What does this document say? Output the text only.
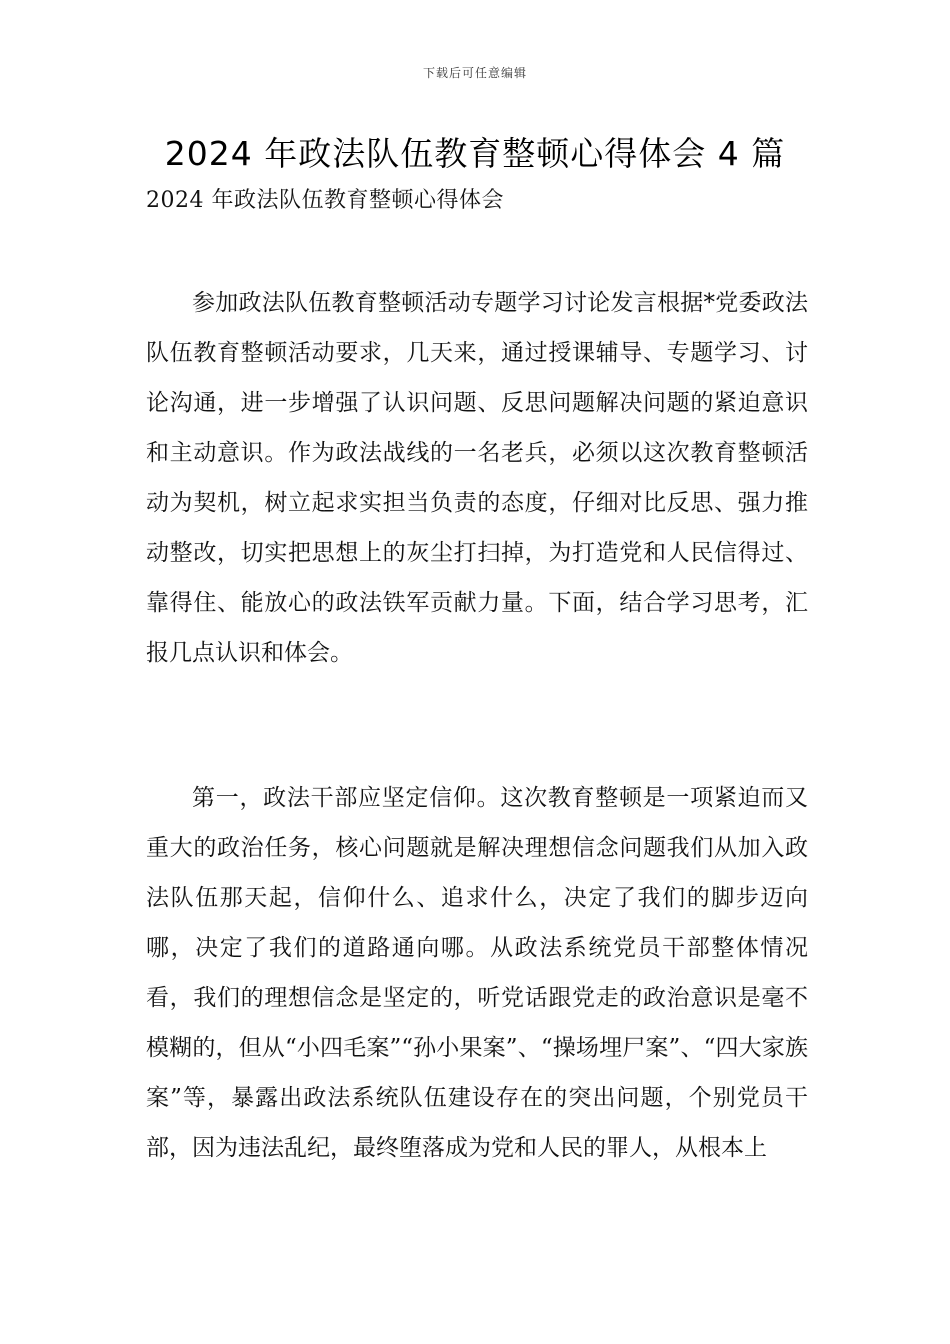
下载后可任意编辑
2024 年政法队伍教育整顿心得体会 4 篇
2024 年政法队伍教育整顿心得体会

参加政法队伍教育整顿活动专题学习讨论发言根据*党委政法队伍教育整顿活动要求，几天来，通过授课辅导、专题学习、讨论沟通，进一步增强了认识问题、反思问题解决问题的紧迫意识和主动意识。作为政法战线的一名老兵，必须以这次教育整顿活动为契机，树立起求实担当负责的态度，仔细对比反思、强力推动整改，切实把思想上的灰尘打扫掉，为打造党和人民信得过、靠得住、能放心的政法铁军贡献力量。下面，结合学习思考，汇报几点认识和体会。

第一，政法干部应坚定信仰。这次教育整顿是一项紧迫而又重大的政治任务，核心问题就是解决理想信念问题我们从加入政法队伍那天起，信仰什么、追求什么，决定了我们的脚步迈向哪，决定了我们的道路通向哪。从政法系统党员干部整体情况看，我们的理想信念是坚定的，听党话跟党走的政治意识是毫不模糊的，但从“小四毛案”“孙小果案”、“操场埋尸案”、“四大家族案”等，暴露出政法系统队伍建设存在的突出问题，个别党员干部，因为违法乱纪，最终堕落成为党和人民的罪人，从根本上
